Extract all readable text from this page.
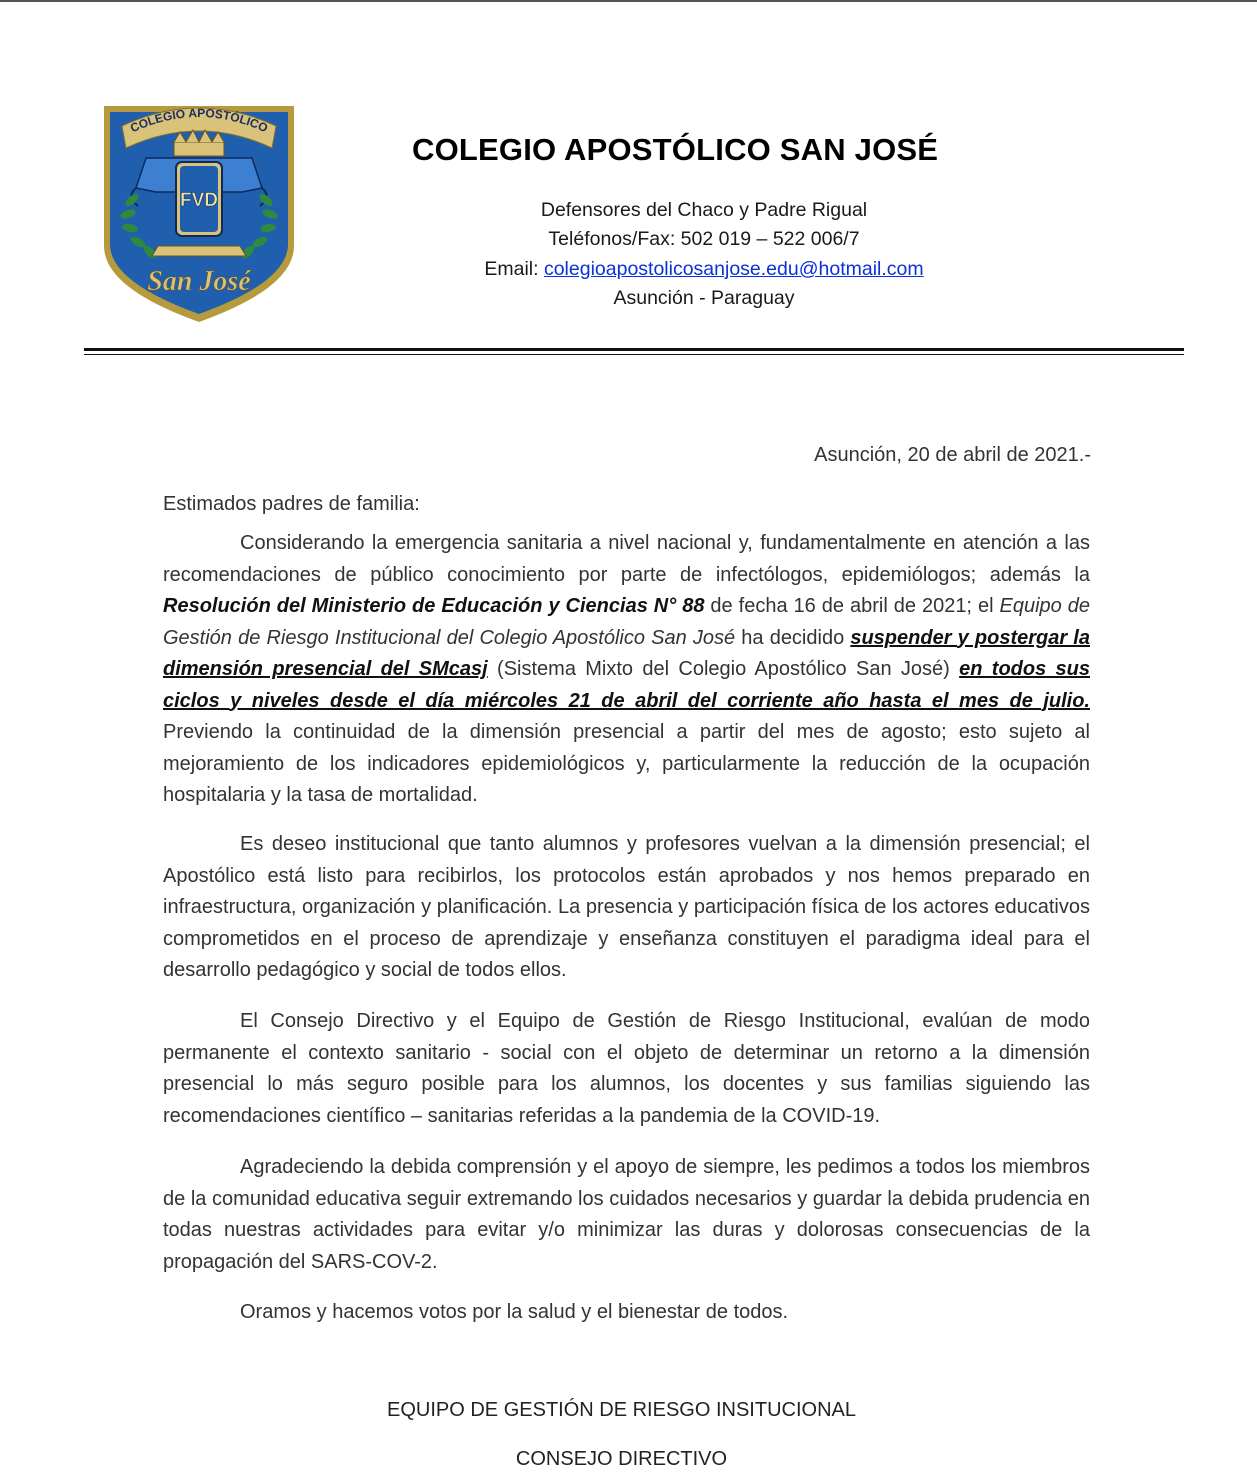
COLEGIO APOSTÓLICO
FVD
San José
COLEGIO APOSTÓLICO SAN JOSÉ
Defensores del Chaco y Padre Rigual
Teléfonos/Fax: 502 019 – 522 006/7
Email: colegioapostolicosanjose.edu@hotmail.com
Asunción - Paraguay
Asunción, 20 de abril de 2021.-
Estimados padres de familia:
Considerando la emergencia sanitaria a nivel nacional y, fundamentalmente en atención a las recomendaciones de público conocimiento por parte de infectólogos, epidemiólogos; además la Resolución del Ministerio de Educación y Ciencias N° 88 de fecha 16 de abril de 2021; el Equipo de Gestión de Riesgo Institucional del Colegio Apostólico San José ha decidido suspender y postergar la dimensión presencial del SMcasj (Sistema Mixto del Colegio Apostólico San José) en todos sus ciclos y niveles desde el día miércoles 21 de abril del corriente año hasta el mes de julio. Previendo la continuidad de la dimensión presencial a partir del mes de agosto; esto sujeto al mejoramiento de los indicadores epidemiológicos y, particularmente la reducción de la ocupación hospitalaria y la tasa de mortalidad.
Es deseo institucional que tanto alumnos y profesores vuelvan a la dimensión presencial; el Apostólico está listo para recibirlos, los protocolos están aprobados y nos hemos preparado en infraestructura, organización y planificación. La presencia y participación física de los actores educativos comprometidos en el proceso de aprendizaje y enseñanza constituyen el paradigma ideal para el desarrollo pedagógico y social de todos ellos.
El Consejo Directivo y el Equipo de Gestión de Riesgo Institucional, evalúan de modo permanente el contexto sanitario - social con el objeto de determinar un retorno a la dimensión presencial lo más seguro posible para los alumnos, los docentes y sus familias siguiendo las recomendaciones científico – sanitarias referidas a la pandemia de la COVID-19.
Agradeciendo la debida comprensión y el apoyo de siempre, les pedimos a todos los miembros de la comunidad educativa seguir extremando los cuidados necesarios y guardar la debida prudencia en todas nuestras actividades para evitar y/o minimizar las duras y dolorosas consecuencias de la propagación del SARS-COV-2.
Oramos y hacemos votos por la salud y el bienestar de todos.
EQUIPO DE GESTIÓN DE RIESGO INSITUCIONAL
CONSEJO DIRECTIVO
